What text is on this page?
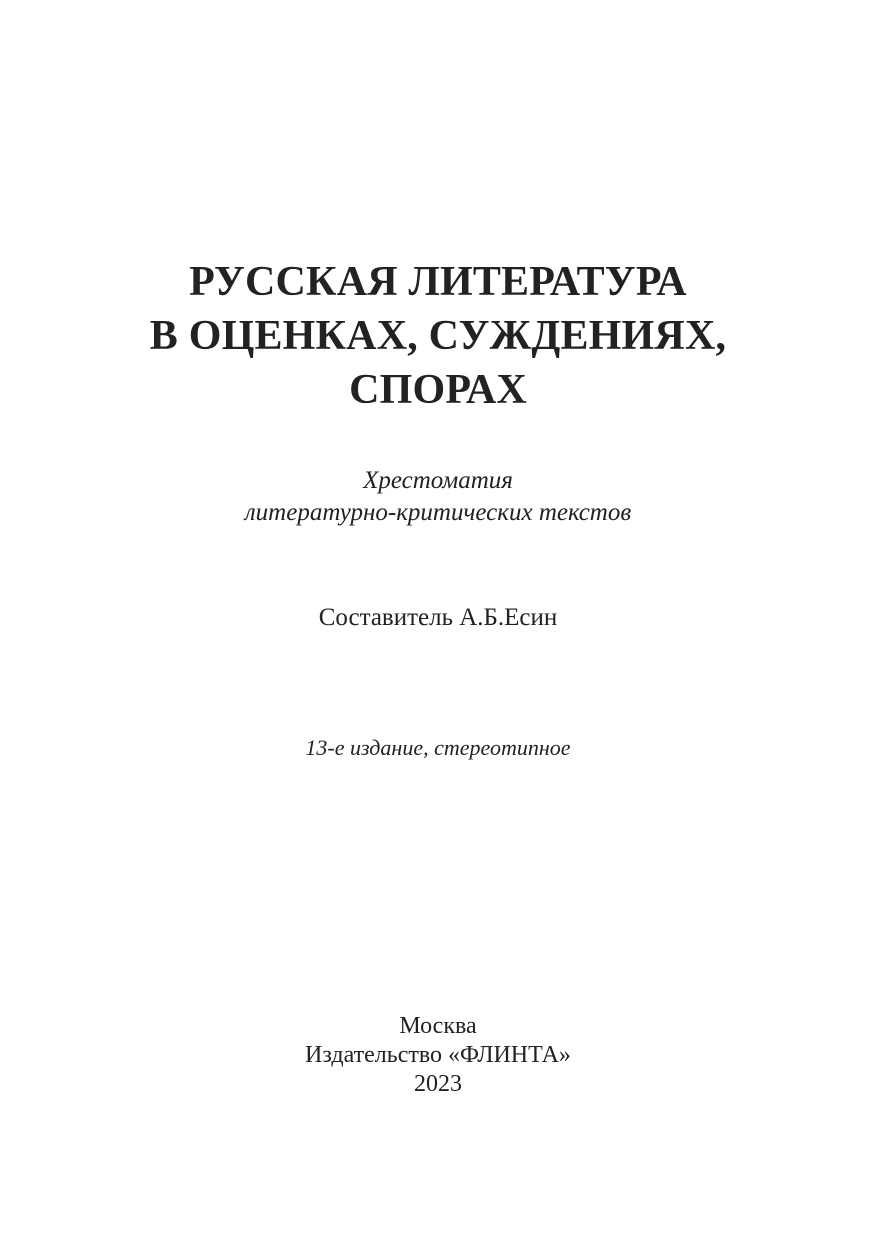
РУССКАЯ ЛИТЕРАТУРА
В ОЦЕНКАХ, СУЖДЕНИЯХ,
СПОРАХ
Хрестоматия
литературно-критических текстов
Составитель А.Б.Есин
13-е издание, стереотипное
Москва
Издательство «ФЛИНТА»
2023
